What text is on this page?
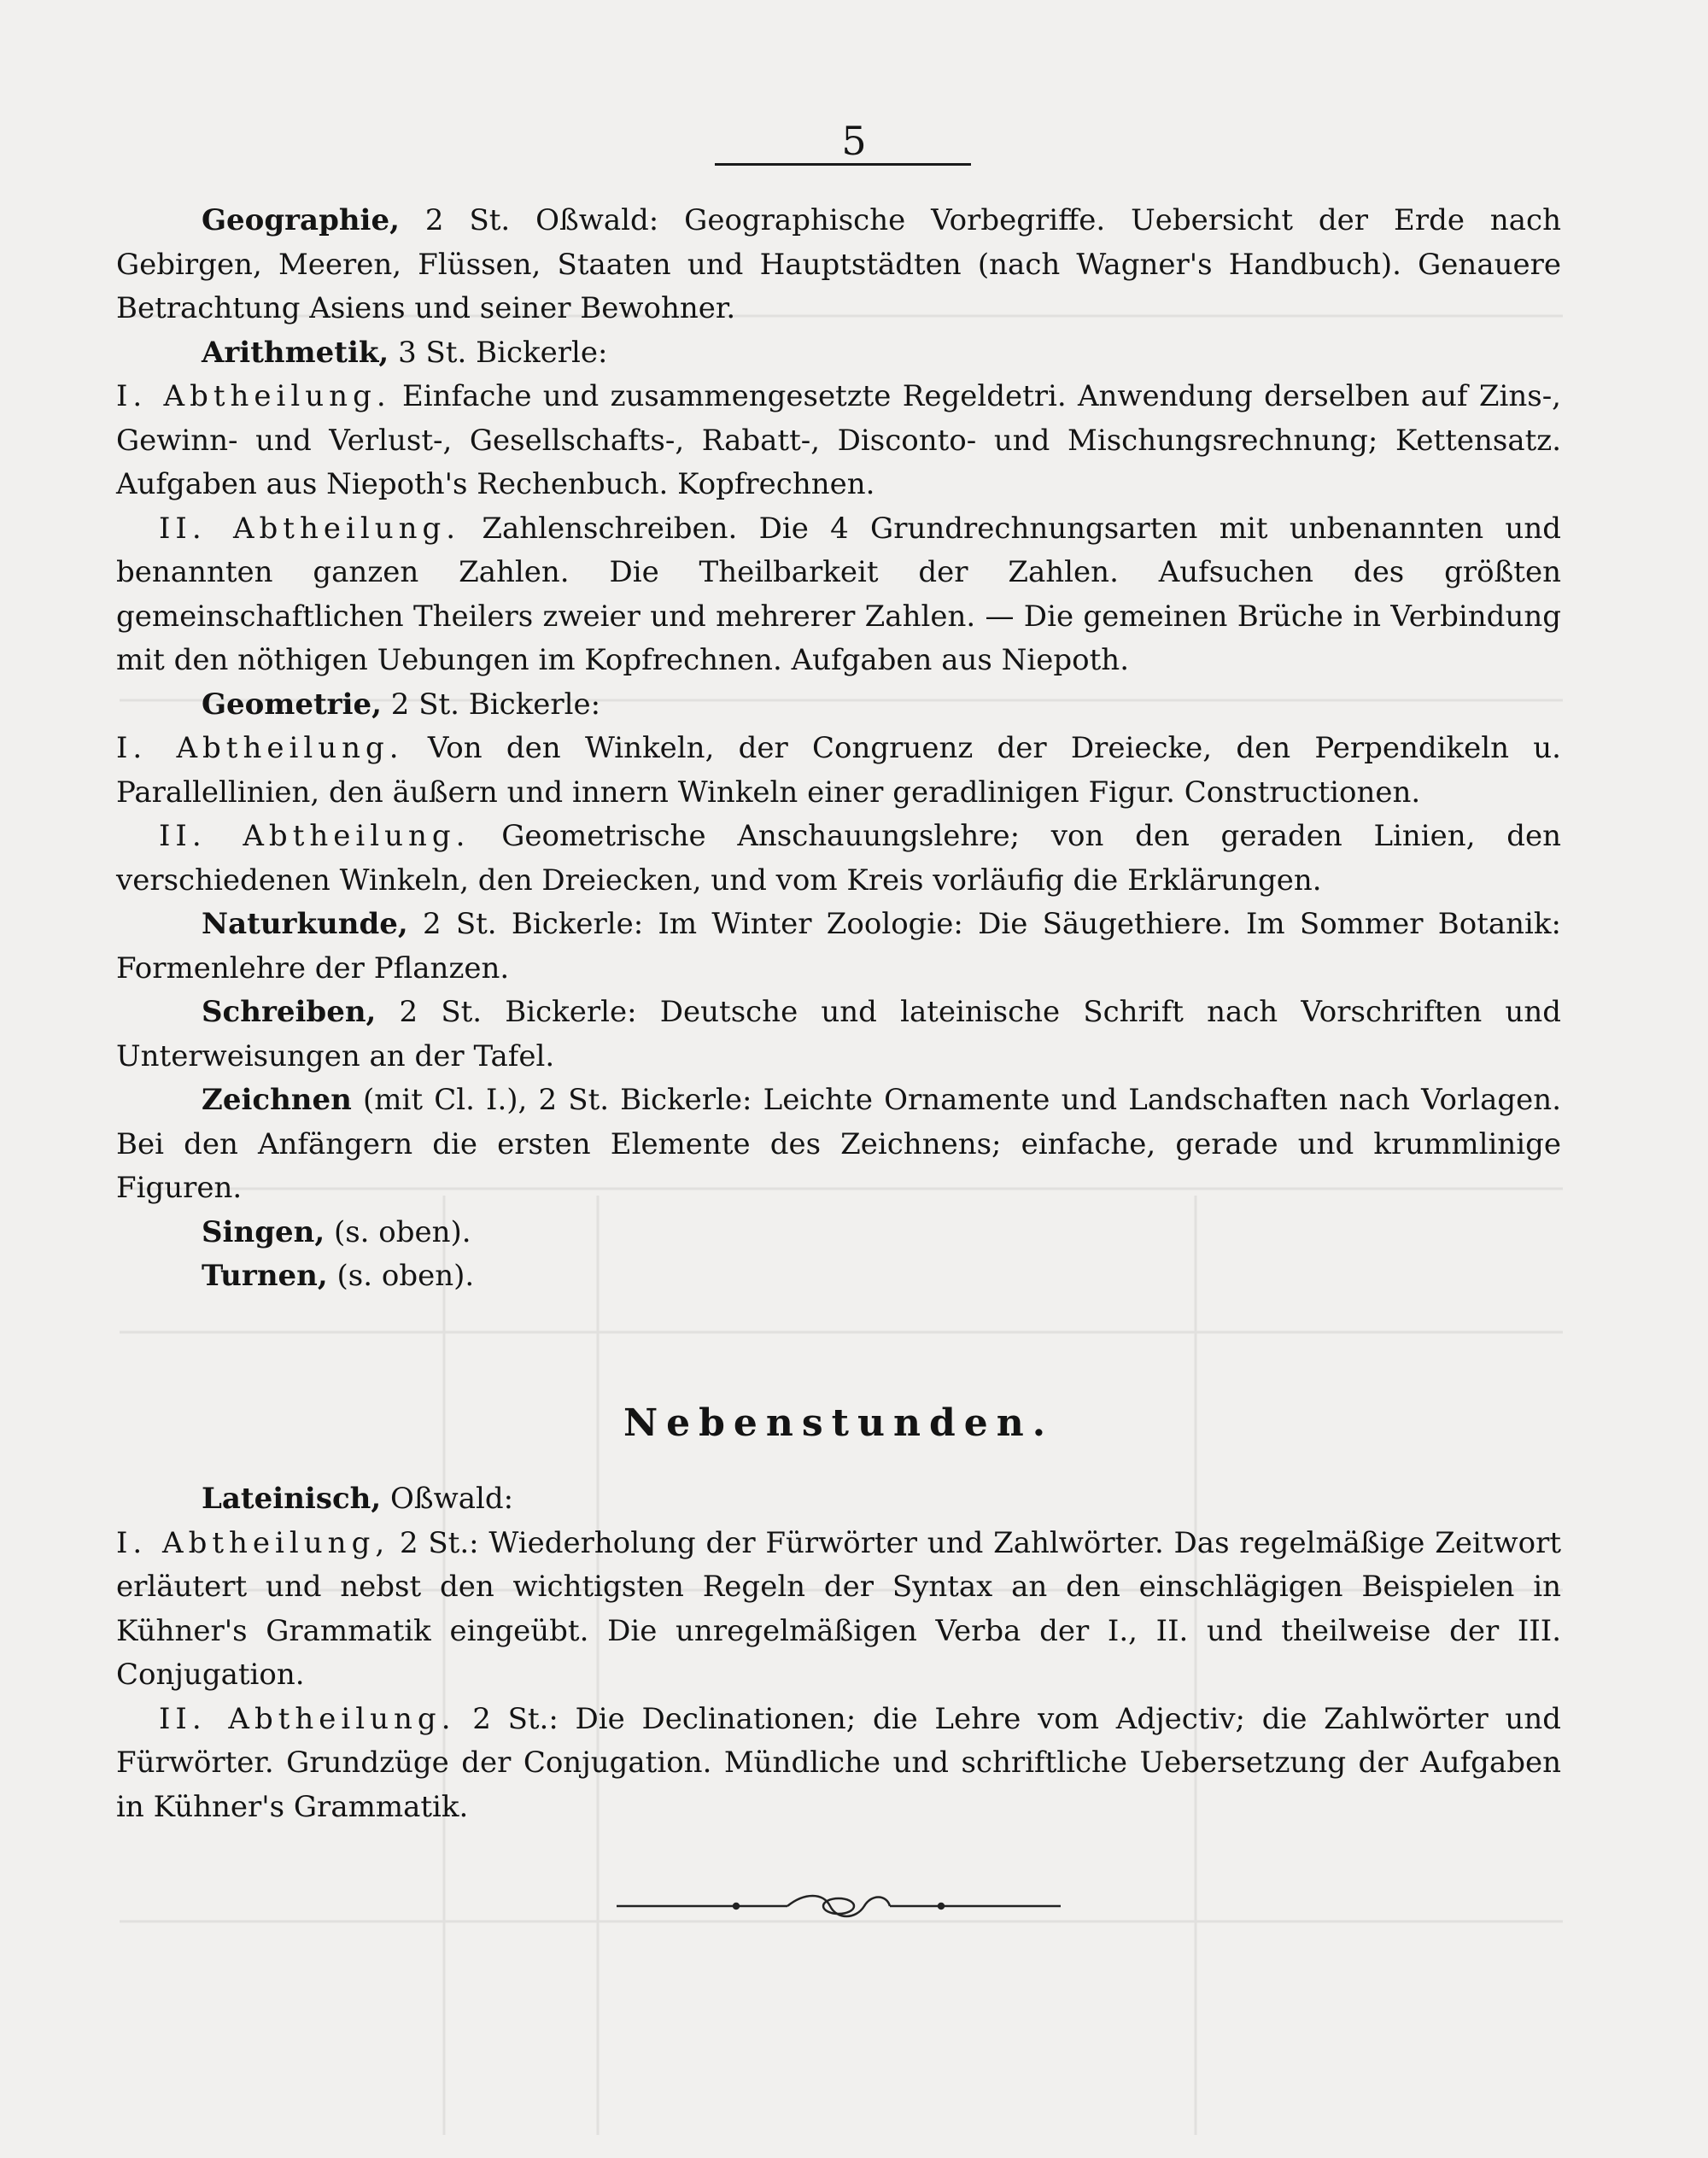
5

Geographie, 2 St. Oßwald: Geographische Vorbegriffe. Uebersicht der Erde nach Gebirgen, Meeren, Flüssen, Staaten und Hauptstädten (nach Wagner's Handbuch). Genauere Betrachtung Asiens und seiner Bewohner.

Arithmetik, 3 St. Bickerle:

I. Abtheilung. Einfache und zusammengesetzte Regeldetri. Anwendung derselben auf Zins-, Gewinn- und Verlust-, Gesellschafts-, Rabatt-, Disconto- und Mischungsrechnung; Kettensatz. Aufgaben aus Niepoth's Rechenbuch. Kopfrechnen.

II. Abtheilung. Zahlenschreiben. Die 4 Grundrechnungsarten mit unbenannten und benannten ganzen Zahlen. Die Theilbarkeit der Zahlen. Aufsuchen des größten gemeinschaftlichen Theilers zweier und mehrerer Zahlen. — Die gemeinen Brüche in Verbindung mit den nöthigen Uebungen im Kopfrechnen. Aufgaben aus Niepoth.

Geometrie, 2 St. Bickerle:

I. Abtheilung. Von den Winkeln, der Congruenz der Dreiecke, den Perpendikeln u. Parallellinien, den äußern und innern Winkeln einer geradlinigen Figur. Constructionen.

II. Abtheilung. Geometrische Anschauungslehre; von den geraden Linien, den verschiedenen Winkeln, den Dreiecken, und vom Kreis vorläufig die Erklärungen.

Naturkunde, 2 St. Bickerle: Im Winter Zoologie: Die Säugethiere. Im Sommer Botanik: Formenlehre der Pflanzen.

Schreiben, 2 St. Bickerle: Deutsche und lateinische Schrift nach Vorschriften und Unterweisungen an der Tafel.

Zeichnen (mit Cl. I.), 2 St. Bickerle: Leichte Ornamente und Landschaften nach Vorlagen. Bei den Anfängern die ersten Elemente des Zeichnens; einfache, gerade und krummlinige Figuren.

Singen, (s. oben).

Turnen, (s. oben).

Nebenstunden.

Lateinisch, Oßwald:

I. Abtheilung, 2 St.: Wiederholung der Fürwörter und Zahlwörter. Das regelmäßige Zeitwort erläutert und nebst den wichtigsten Regeln der Syntax an den einschlägigen Beispielen in Kühner's Grammatik eingeübt. Die unregelmäßigen Verba der I., II. und theilweise der III. Conjugation.

II. Abtheilung. 2 St.: Die Declinationen; die Lehre vom Adjectiv; die Zahlwörter und Fürwörter. Grundzüge der Conjugation. Mündliche und schriftliche Uebersetzung der Aufgaben in Kühner's Grammatik.
